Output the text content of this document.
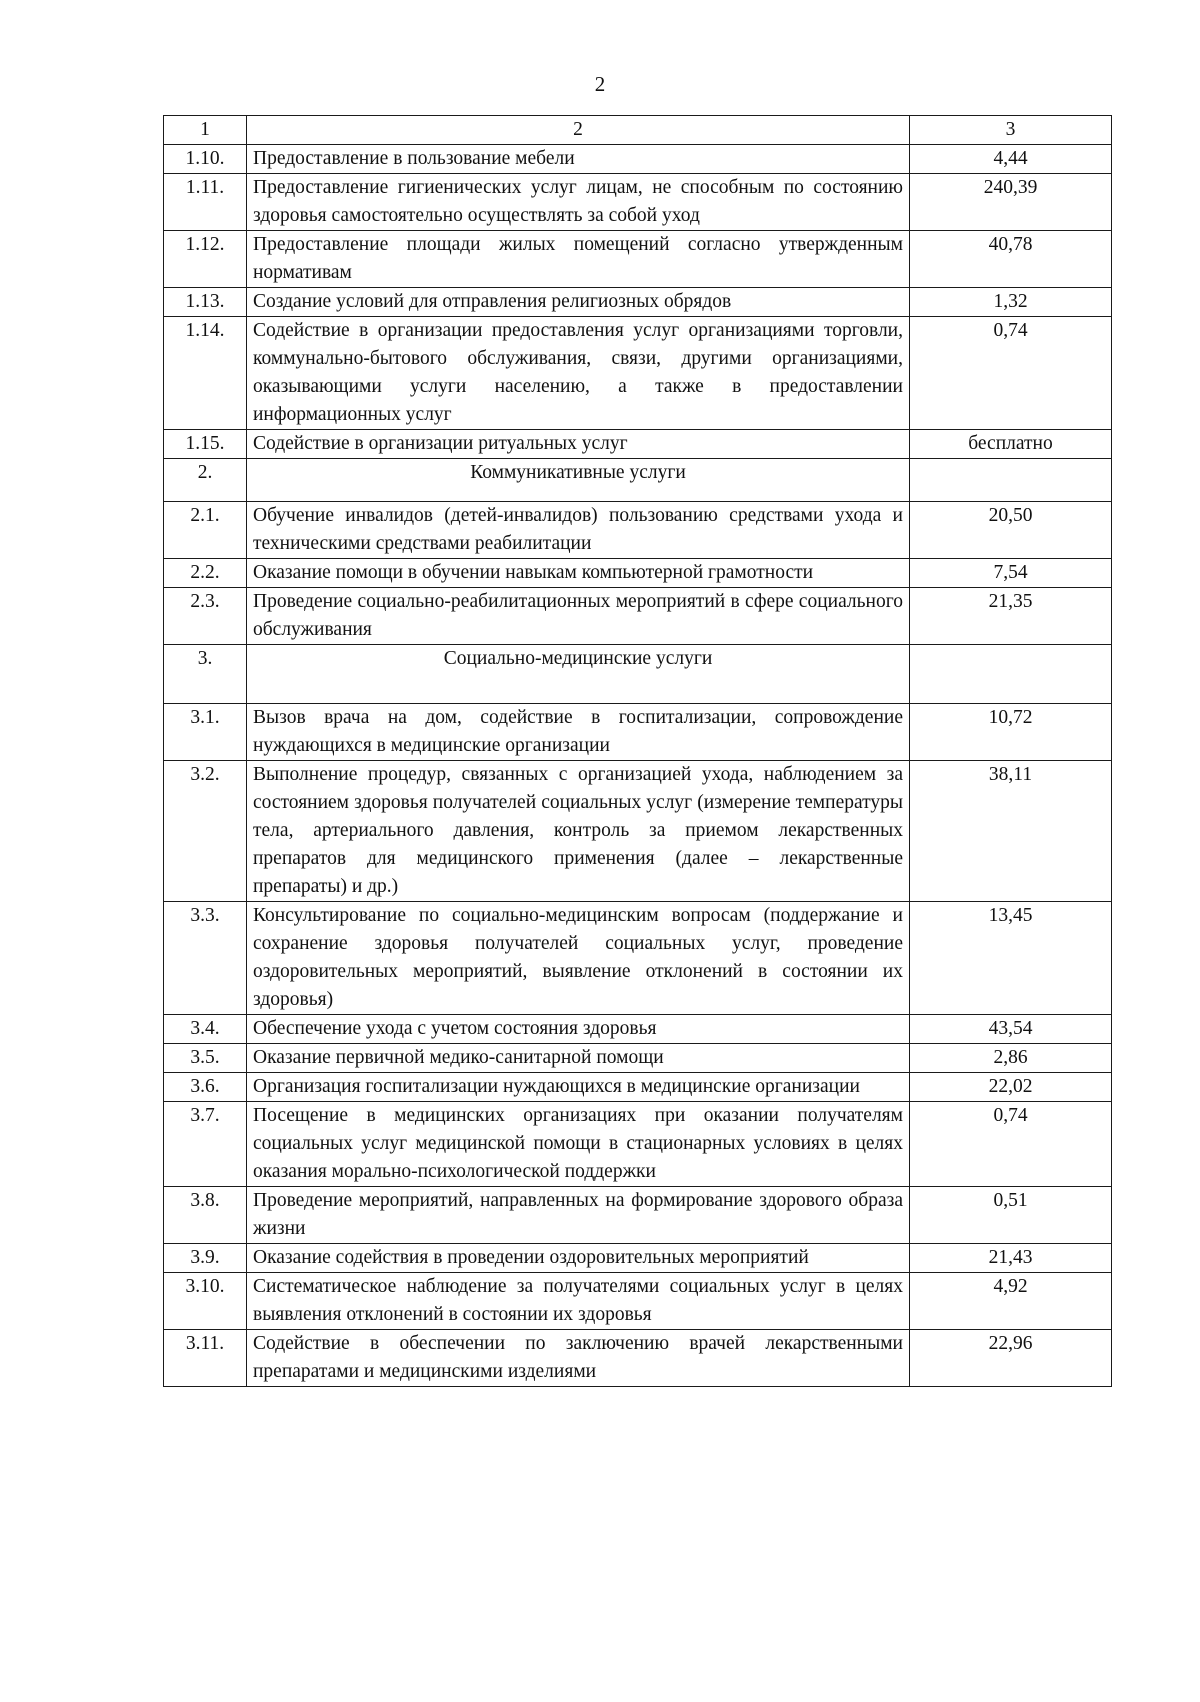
2
1	2	3
1.10.	Предоставление в пользование мебели	4,44
1.11.	Предоставление гигиенических услуг лицам, не способным по состоянию здоровья самостоятельно осуществлять за собой уход	240,39
1.12.	Предоставление площади жилых помещений согласно утвержденным нормативам	40,78
1.13.	Создание условий для отправления религиозных обрядов	1,32
1.14.	Содействие в организации предоставления услуг организациями торговли, коммунально-бытового обслуживания, связи, другими организациями, оказывающими услуги населению, а также в предоставлении информационных услуг	0,74
1.15.	Содействие в организации ритуальных услуг	бесплатно
2.	Коммуникативные услуги	
2.1.	Обучение инвалидов (детей-инвалидов) пользованию средствами ухода и техническими средствами реабилитации	20,50
2.2.	Оказание помощи в обучении навыкам компьютерной грамотности	7,54
2.3.	Проведение социально-реабилитационных мероприятий в сфере социального обслуживания	21,35
3.	Социально-медицинские услуги	
3.1.	Вызов врача на дом, содействие в госпитализации, сопровождение нуждающихся в медицинские организации	10,72
3.2.	Выполнение процедур, связанных с организацией ухода, наблюдением за состоянием здоровья получателей социальных услуг (измерение температуры тела, артериального давления, контроль за приемом лекарственных препаратов для медицинского применения (далее – лекарственные препараты) и др.)	38,11
3.3.	Консультирование по социально-медицинским вопросам (поддержание и сохранение здоровья получателей социальных услуг, проведение оздоровительных мероприятий, выявление отклонений в состоянии их здоровья)	13,45
3.4.	Обеспечение ухода с учетом состояния здоровья	43,54
3.5.	Оказание первичной медико-санитарной помощи	2,86
3.6.	Организация госпитализации нуждающихся в медицинские организации	22,02
3.7.	Посещение в медицинских организациях при оказании получателям социальных услуг медицинской помощи в стационарных условиях в целях оказания морально-психологической поддержки	0,74
3.8.	Проведение мероприятий, направленных на формирование здорового образа жизни	0,51
3.9.	Оказание содействия в проведении оздоровительных мероприятий	21,43
3.10.	Систематическое наблюдение за получателями социальных услуг в целях выявления отклонений в состоянии их здоровья	4,92
3.11.	Содействие в обеспечении по заключению врачей лекарственными препаратами и медицинскими изделиями	22,96
